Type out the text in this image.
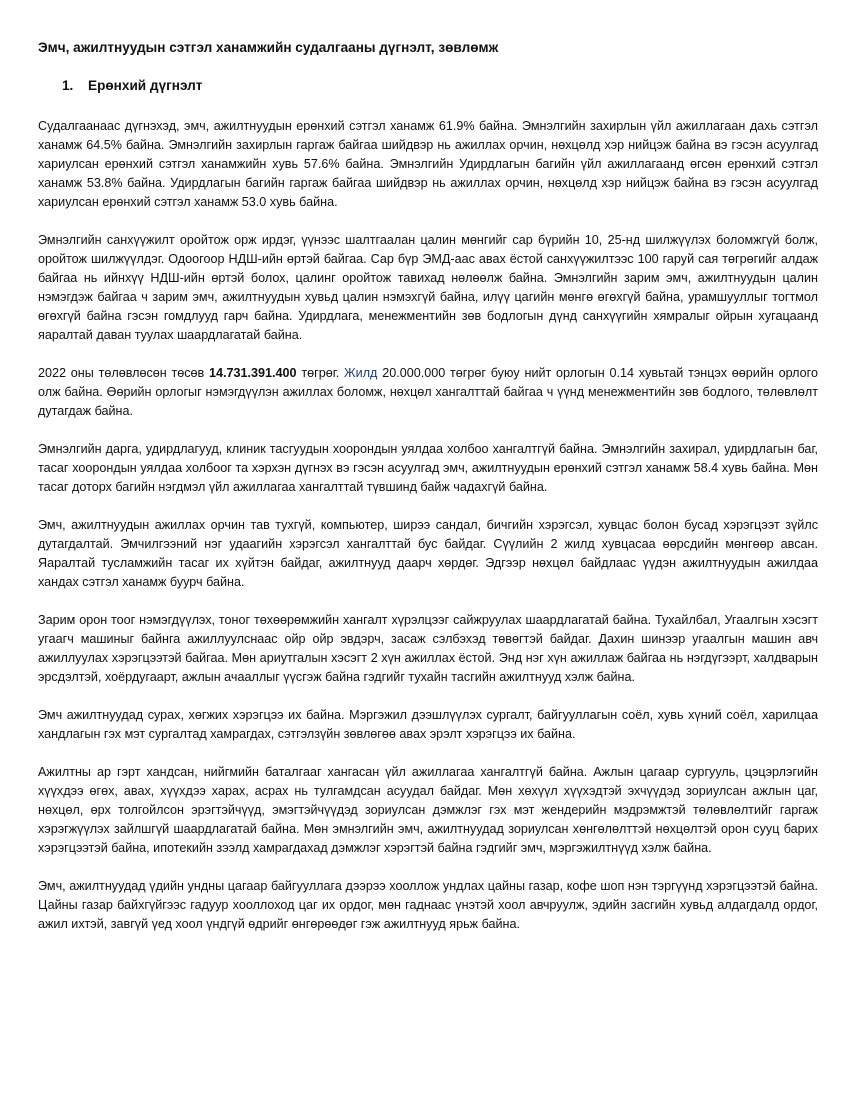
Эмч, ажилтнуудын сэтгэл ханамжийн судалгааны дүгнэлт, зөвлөмж
1.	Ерөнхий дүгнэлт

Судалгаанаас дүгнэхэд, эмч, ажилтнуудын ерөнхий сэтгэл ханамж 61.9% байна. Эмнэлгийн захирлын үйл ажиллагаан дахь сэтгэл ханамж 64.5% байна. Эмнэлгийн захирлын гаргаж байгаа шийдвэр нь ажиллах орчин, нөхцөлд хэр нийцэж байна вэ гэсэн асуулгад хариулсан ерөнхий сэтгэл ханамжийн хувь 57.6% байна. Эмнэлгийн Удирдлагын багийн үйл ажиллагаанд өгсөн ерөнхий сэтгэл ханамж 53.8% байна. Удирдлагын багийн гаргаж байгаа шийдвэр нь ажиллах орчин, нөхцөлд хэр нийцэж байна вэ гэсэн асуулгад хариулсан ерөнхий сэтгэл ханамж 53.0 хувь байна.

Эмнэлгийн санхүүжилт оройтож орж ирдэг, үүнээс шалтгаалан цалин мөнгийг сар бүрийн 10, 25-нд шилжүүлэх боломжгүй болж, оройтож шилжүүлдэг. Одоогоор НДШ-ийн өртэй байгаа. Сар бүр ЭМД-аас авах ёстой санхүүжилтээс 100 гаруй сая төгрөгийг алдаж байгаа нь ийнхүү НДШ-ийн өртэй болох, цалинг оройтож тавихад нөлөөлж байна. Эмнэлгийн зарим эмч, ажилтнуудын цалин нэмэгдэж байгаа ч зарим эмч, ажилтнуудын хувьд цалин нэмэхгүй байна, илүү цагийн мөнгө өгөхгүй байна, урамшууллыг тогтмол өгөхгүй байна гэсэн гомдлууд гарч байна. Удирдлага, менежментийн зөв бодлогын дүнд санхүүгийн хямралыг ойрын хугацаанд яаралтай даван туулах шаардлагатай байна.

2022 оны төлөвлөсөн төсөв 14.731.391.400 төгрөг. Жилд 20.000.000 төгрөг буюу нийт орлогын 0.14 хувьтай тэнцэх өөрийн орлого олж байна. Өөрийн орлогыг нэмэгдүүлэн ажиллах боломж, нөхцөл хангалттай байгаа ч үүнд менежментийн зөв бодлого, төлөвлөлт дутагдаж байна.

Эмнэлгийн дарга, удирдлагууд, клиник тасгуудын хоорондын уялдаа холбоо хангалтгүй байна. Эмнэлгийн захирал, удирдлагын баг, тасаг хоорондын уялдаа холбоог та хэрхэн дүгнэх вэ гэсэн асуулгад эмч, ажилтнуудын ерөнхий сэтгэл ханамж 58.4 хувь байна. Мөн тасаг доторх багийн нэгдмэл үйл ажиллагаа хангалттай түвшинд байж чадахгүй байна.

Эмч, ажилтнуудын ажиллах орчин тав тухгүй, компьютер, ширээ сандал, бичгийн хэрэгсэл, хувцас болон бусад хэрэгцээт зүйлс дутагдалтай. Эмчилгээний нэг удаагийн хэрэгсэл хангалттай бус байдаг. Сүүлийн 2 жилд хувцасаа өөрсдийн мөнгөөр авсан. Яаралтай тусламжийн тасаг их хүйтэн байдаг, ажилтнууд даарч хөрдөг. Эдгээр нөхцөл байдлаас үүдэн ажилтнуудын ажилдаа хандах сэтгэл ханамж буурч байна.

Зарим орон тоог нэмэгдүүлэх, тоног төхөөрөмжийн хангалт хүрэлцээг сайжруулах шаардлагатай байна. Тухайлбал, Угаалгын хэсэгт угаагч машиныг байнга ажиллуулснаас ойр ойр эвдэрч, засаж сэлбэхэд төвөгтэй байдаг. Дахин шинээр угаалгын машин авч ажиллуулах хэрэгцээтэй байгаа. Мөн ариутгалын хэсэгт 2 хүн ажиллах ёстой. Энд нэг хүн ажиллаж байгаа нь нэгдүгээрт, халдварын эрсдэлтэй, хоёрдугаарт, ажлын ачааллыг үүсгэж байна гэдгийг тухайн тасгийн ажилтнууд хэлж байна.

Эмч ажилтнуудад сурах, хөгжих хэрэгцээ их байна. Мэргэжил дээшлүүлэх сургалт, байгууллагын соёл, хувь хүний соёл, харилцаа хандлагын гэх мэт сургалтад хамрагдах, сэтгэлзүйн зөвлөгөө авах эрэлт хэрэгцээ их байна.

Ажилтны ар гэрт хандсан, нийгмийн баталгааг хангасан үйл ажиллагаа хангалтгүй байна. Ажлын цагаар сургууль, цэцэрлэгийн хүүхдээ өгөх, авах, хүүхдээ харах, асрах нь тулгамдсан асуудал байдаг. Мөн хөхүүл хүүхэдтэй эхчүүдэд зориулсан ажлын цаг, нөхцөл, өрх толгойлсон эрэгтэйчүүд, эмэгтэйчүүдэд зориулсан дэмжлэг гэх мэт жендерийн мэдрэмжтэй төлөвлөлтийг гаргаж хэрэгжүүлэх зайлшгүй шаардлагатай байна. Мөн эмнэлгийн эмч, ажилтнуудад зориулсан хөнгөлөлттэй нөхцөлтэй орон сууц барих хэрэгцээтэй байна, ипотекийн зээлд хамрагдахад дэмжлэг хэрэгтэй байна гэдгийг эмч, мэргэжилтнүүд хэлж байна.

Эмч, ажилтнуудад үдийн ундны цагаар байгууллага дээрээ хооллож ундлах цайны газар, кофе шоп нэн тэргүүнд хэрэгцээтэй байна. Цайны газар байхгүйгээс гадуур хооллоход цаг их ордог, мөн гаднаас үнэтэй хоол авчруулж, эдийн засгийн хувьд алдагдалд ордог, ажил ихтэй, завгүй үед хоол үндгүй өдрийг өнгөрөөдөг гэж ажилтнууд ярьж байна.
